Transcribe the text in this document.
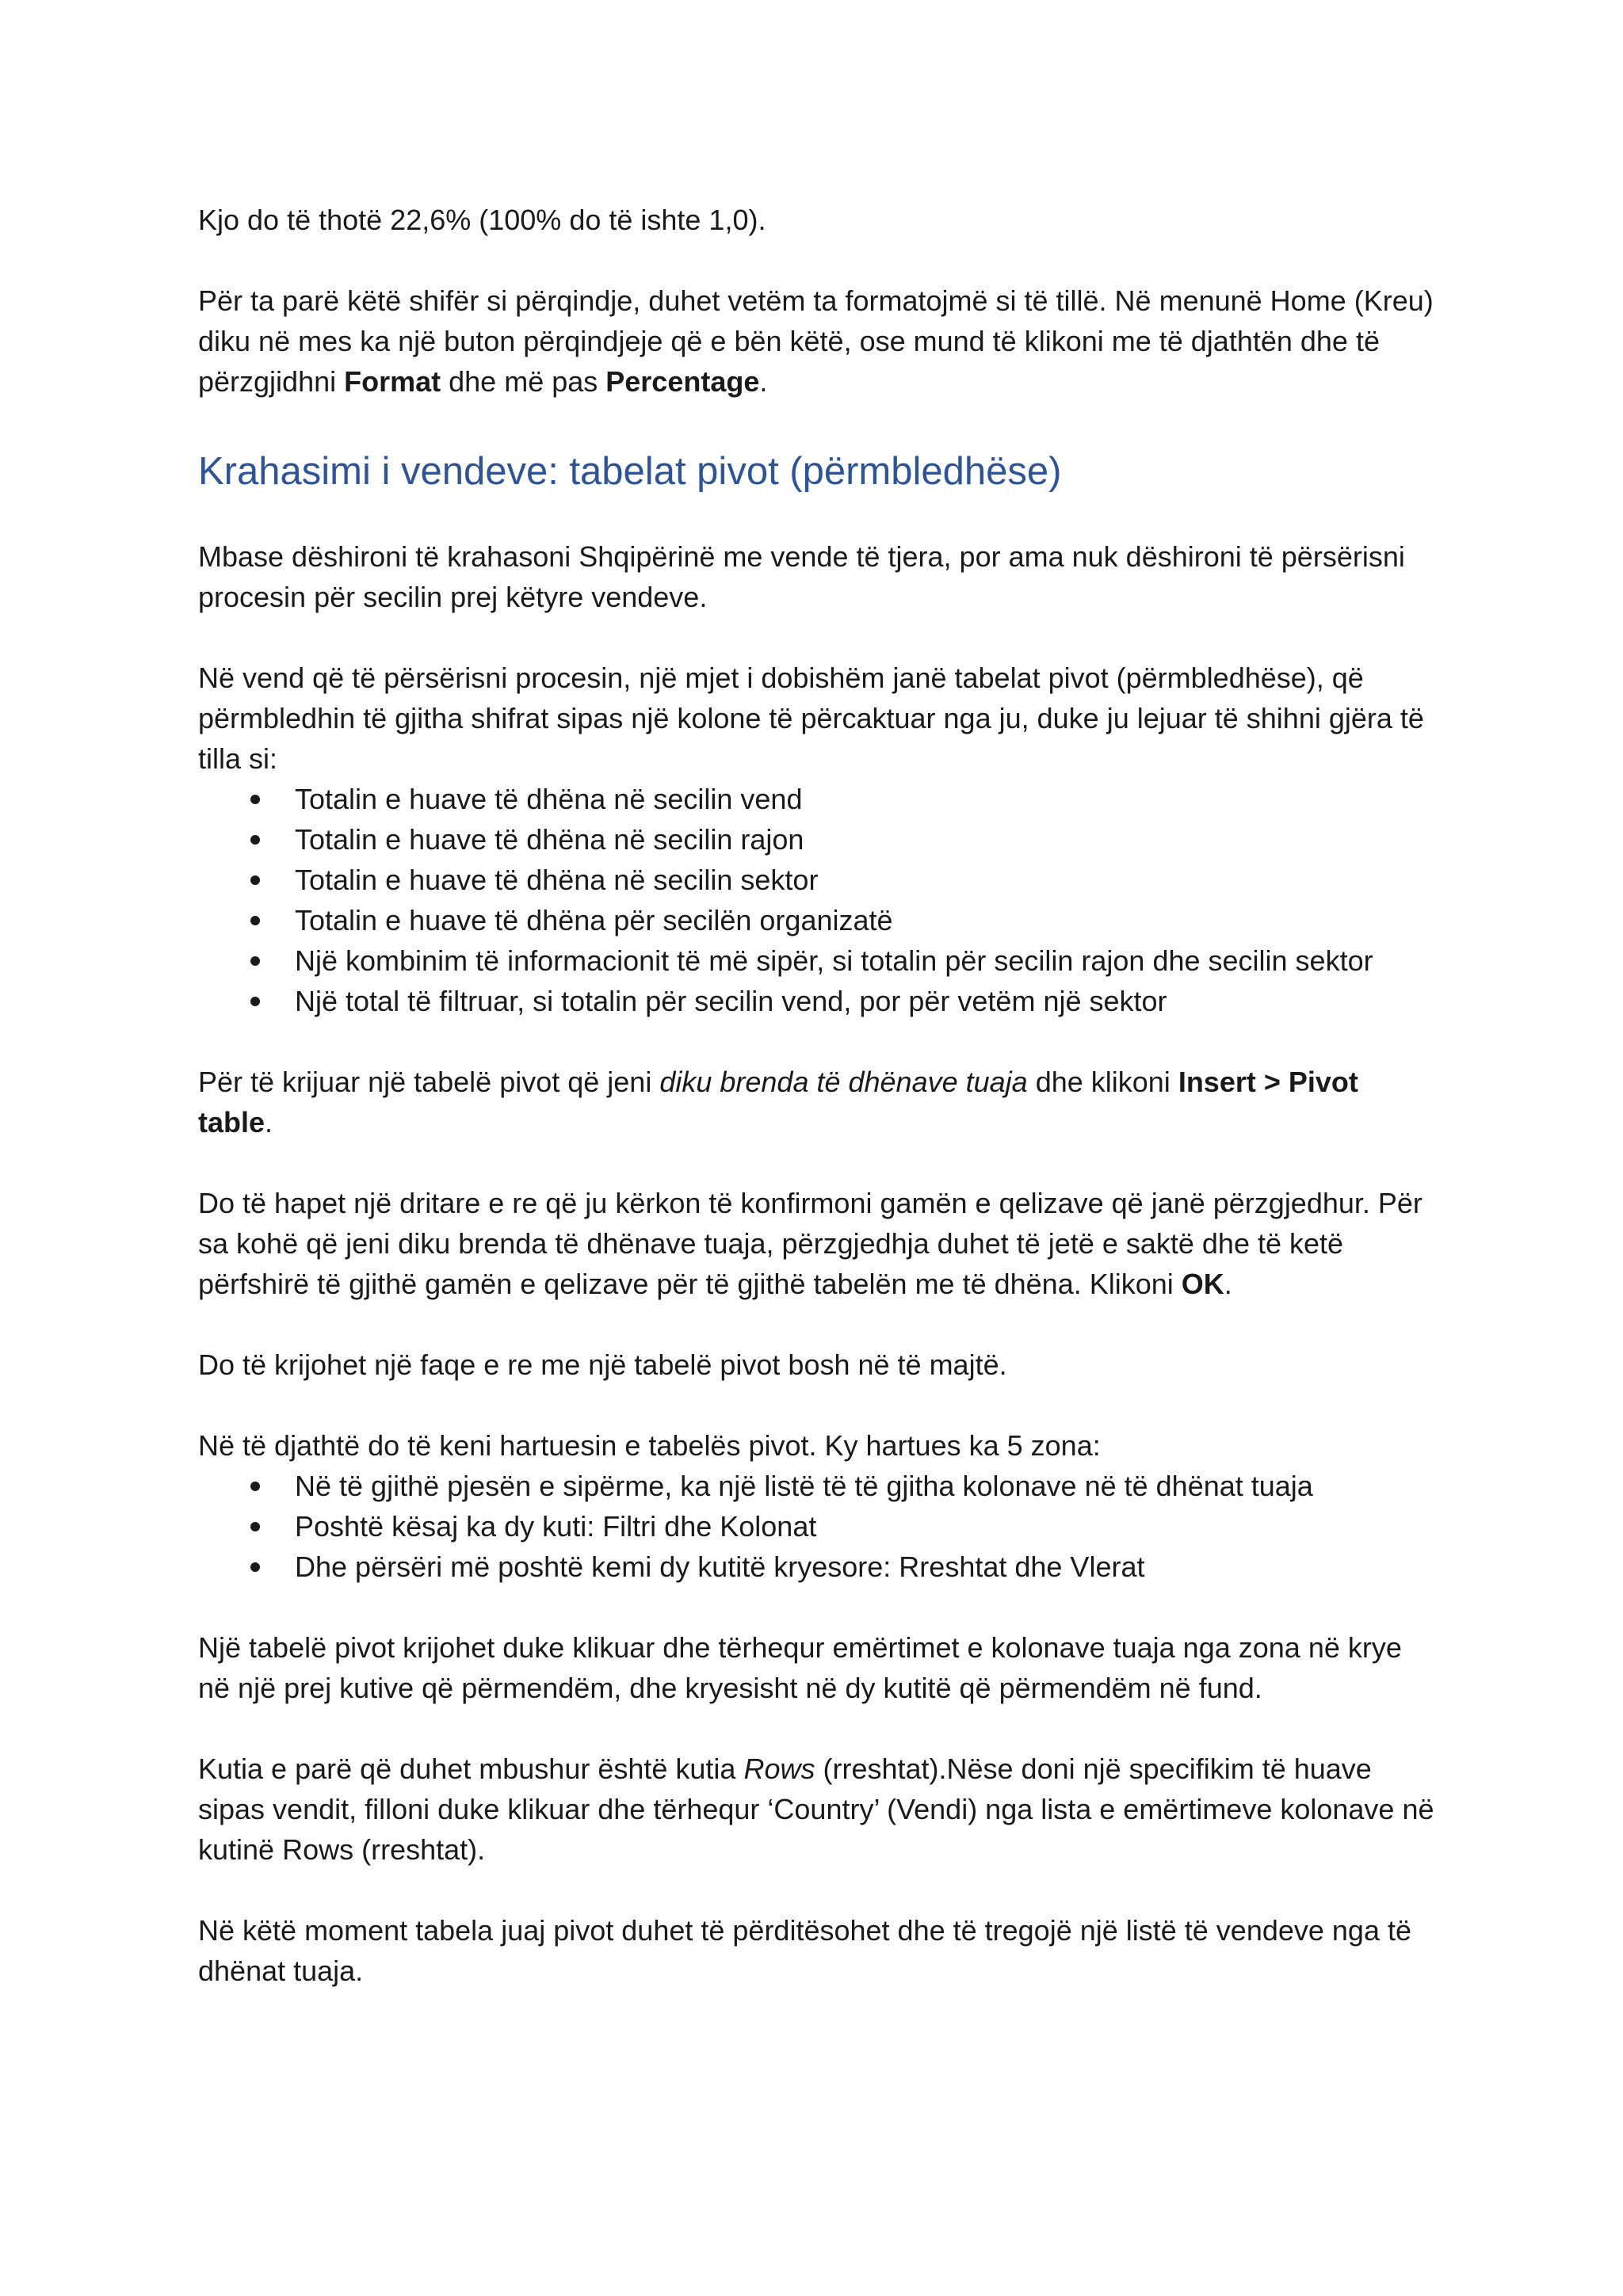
Kjo do të thotë 22,6% (100% do të ishte 1,0).

Për ta parë këtë shifër si përqindje, duhet vetëm ta formatojmë si të tillë. Në menunë Home (Kreu) diku në mes ka një buton përqindjeje që e bën këtë, ose mund të klikoni me të djathtën dhe të përzgjidhni Format dhe më pas Percentage.

Krahasimi i vendeve: tabelat pivot (përmbledhëse)

Mbase dëshironi të krahasoni Shqipërinë me vende të tjera, por ama nuk dëshironi të përsërisni procesin për secilin prej këtyre vendeve.

Në vend që të përsërisni procesin, një mjet i dobishëm janë tabelat pivot (përmbledhëse), që përmbledhin të gjitha shifrat sipas një kolone të përcaktuar nga ju, duke ju lejuar të shihni gjëra të tilla si:

Totalin e huave të dhëna në secilin vend
Totalin e huave të dhëna në secilin rajon
Totalin e huave të dhëna në secilin sektor
Totalin e huave të dhëna për secilën organizatë
Një kombinim të informacionit të më sipër, si totalin për secilin rajon dhe secilin sektor
Një total të filtruar, si totalin për secilin vend, por për vetëm një sektor

Për të krijuar një tabelë pivot që jeni diku brenda të dhënave tuaja dhe klikoni Insert > Pivot table.

Do të hapet një dritare e re që ju kërkon të konfirmoni gamën e qelizave që janë përzgjedhur. Për sa kohë që jeni diku brenda të dhënave tuaja, përzgjedhja duhet të jetë e saktë dhe të ketë përfshirë të gjithë gamën e qelizave për të gjithë tabelën me të dhëna. Klikoni OK.

Do të krijohet një faqe e re me një tabelë pivot bosh në të majtë.

Në të djathtë do të keni hartuesin e tabelës pivot. Ky hartues ka 5 zona:

Në të gjithë pjesën e sipërme, ka një listë të të gjitha kolonave në të dhënat tuaja
Poshtë kësaj ka dy kuti: Filtri dhe Kolonat
Dhe përsëri më poshtë kemi dy kutitë kryesore: Rreshtat dhe Vlerat

Një tabelë pivot krijohet duke klikuar dhe tërhequr emërtimet e kolonave tuaja nga zona në krye në një prej kutive që përmendëm, dhe kryesisht në dy kutitë që përmendëm në fund.

Kutia e parë që duhet mbushur është kutia Rows (rreshtat).Nëse doni një specifikim të huave sipas vendit, filloni duke klikuar dhe tërhequr ‘Country’ (Vendi) nga lista e emërtimeve kolonave në kutinë Rows (rreshtat).

Në këtë moment tabela juaj pivot duhet të përditësohet dhe të tregojë një listë të vendeve nga të dhënat tuaja.
